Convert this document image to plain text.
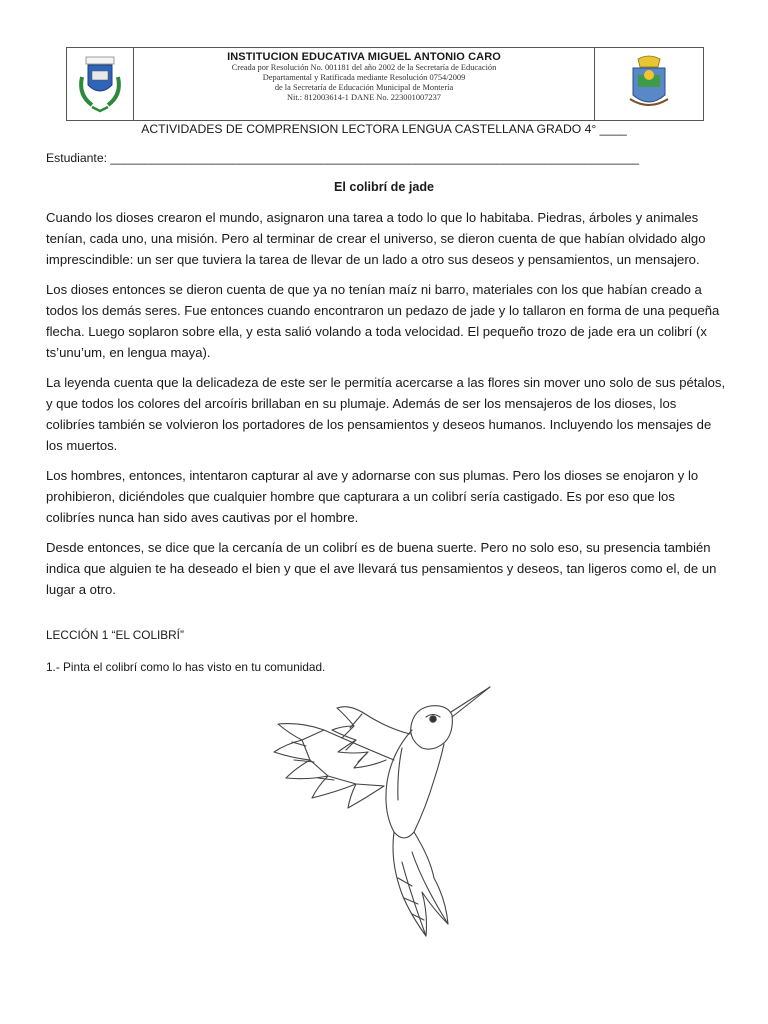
INSTITUCION EDUCATIVA MIGUEL ANTONIO CARO
Creada por Resolución No. 001181 del año 2002 de la Secretaría de Educación
Departamental y Ratificada mediante Resolución 0754/2009
de la Secretaría de Educación Municipal de Montería
Nit.: 812003614-1 DANE No. 223001007237
ACTIVIDADES DE COMPRENSION LECTORA LENGUA CASTELLANA GRADO 4° ____
Estudiante: ______________________________________________________________________________
El colibrí de jade

Cuando los dioses crearon el mundo, asignaron una tarea a todo lo que lo habitaba. Piedras, árboles y animales tenían, cada uno, una misión. Pero al terminar de crear el universo, se dieron cuenta de que habían olvidado algo imprescindible: un ser que tuviera la tarea de llevar de un lado a otro sus deseos y pensamientos, un mensajero.

Los dioses entonces se dieron cuenta de que ya no tenían maíz ni barro, materiales con los que habían creado a todos los demás seres. Fue entonces cuando encontraron un pedazo de jade y lo tallaron en forma de una pequeña flecha. Luego soplaron sobre ella, y esta salió volando a toda velocidad. El pequeño trozo de jade era un colibrí (x ts’unu’um, en lengua maya).

La leyenda cuenta que la delicadeza de este ser le permitía acercarse a las flores sin mover uno solo de sus pétalos, y que todos los colores del arcoíris brillaban en su plumaje. Además de ser los mensajeros de los dioses, los colibríes también se volvieron los portadores de los pensamientos y deseos humanos. Incluyendo los mensajes de los muertos.

Los hombres, entonces, intentaron capturar al ave y adornarse con sus plumas. Pero los dioses se enojaron y lo prohibieron, diciéndoles que cualquier hombre que capturara a un colibrí sería castigado. Es por eso que los colibríes nunca han sido aves cautivas por el hombre.

Desde entonces, se dice que la cercanía de un colibrí es de buena suerte. Pero no solo eso, su presencia también indica que alguien te ha deseado el bien y que el ave llevará tus pensamientos y deseos, tan ligeros como el, de un lugar a otro.

LECCIÓN 1 “EL COLIBRÍ”
1.- Pinta el colibrí como lo has visto en tu comunidad.
